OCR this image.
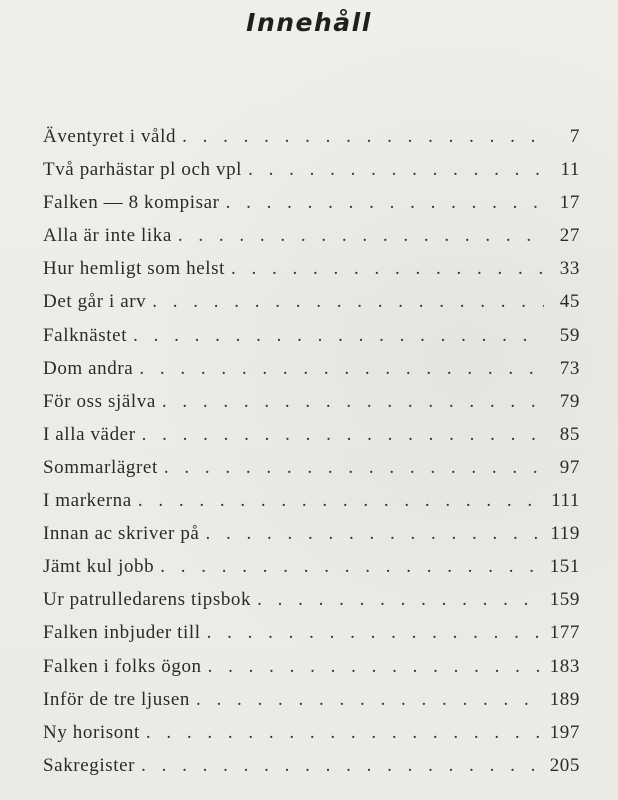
Innehåll
Äventyret i våld . . .	7
Två parhästar pl och vpl . . .	11
Falken — 8 kompisar . . .	17
Alla är inte lika . . .	27
Hur hemligt som helst . . .	33
Det går i arv . . .	45
Falknästet . . .	59
Dom andra . . .	73
För oss själva . . .	79
I alla väder . . .	85
Sommarlägret . . .	97
I markerna . . .	111
Innan ac skriver på . . .	119
Jämt kul jobb . . .	151
Ur patrulledarens tipsbok . . .	159
Falken inbjuder till . . .	177
Falken i folks ögon . . .	183
Inför de tre ljusen . . .	189
Ny horisont . . .	197
Sakregister . . .	205
